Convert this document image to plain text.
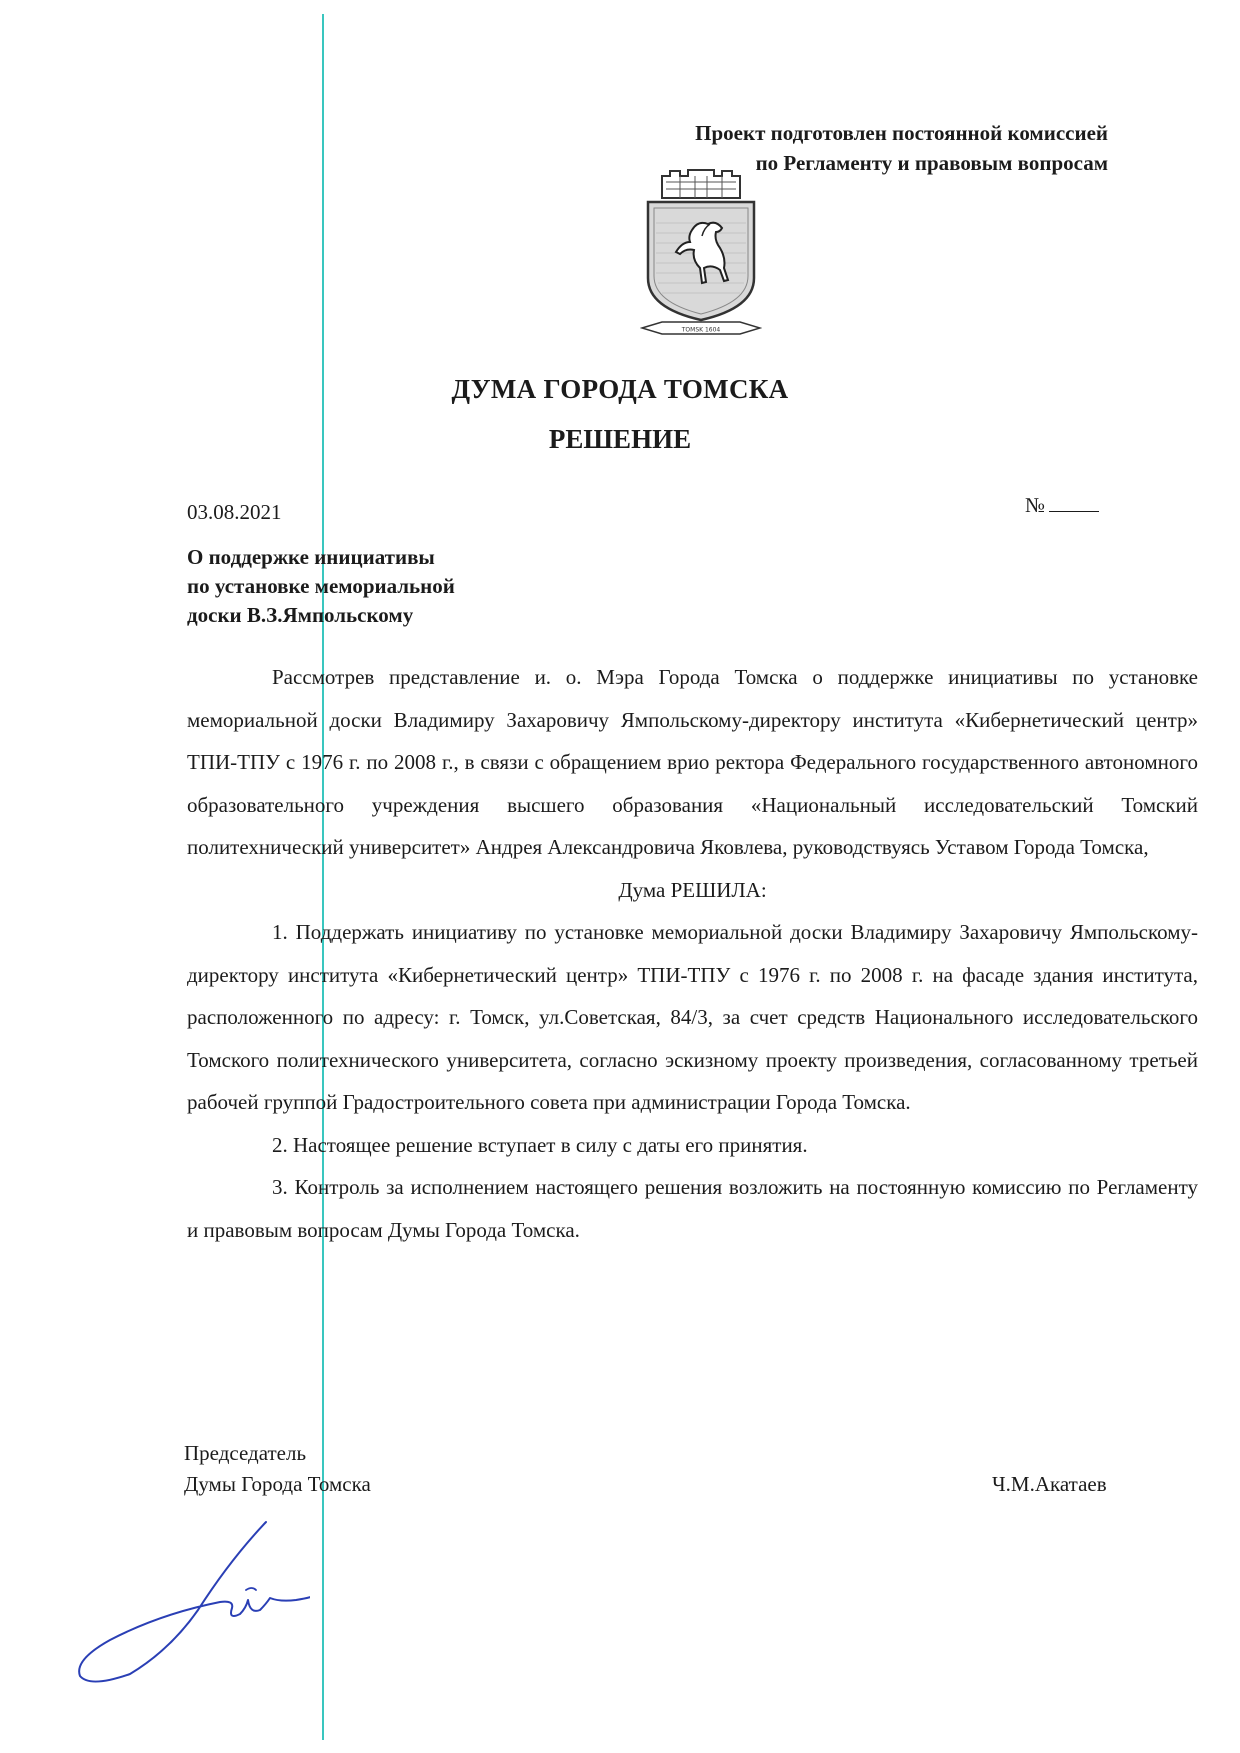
Проект подготовлен постоянной комиссией
по Регламенту и правовым вопросам
TOMSK 1604
ДУМА ГОРОДА ТОМСКА
РЕШЕНИЕ
03.08.2021	№
О поддержке инициативы
по установке мемориальной
доски В.З.Ямпольскому

Рассмотрев представление и. о. Мэра Города Томска о поддержке инициативы по установке мемориальной доски Владимиру Захаровичу Ямпольскому-директору института «Кибернетический центр» ТПИ-ТПУ с 1976 г. по 2008 г., в связи с обращением врио ректора Федерального государственного автономного образовательного учреждения высшего образования «Национальный исследовательский Томский политехнический университет» Андрея Александровича Яковлева, руководствуясь Уставом Города Томска,

Дума РЕШИЛА:

1. Поддержать инициативу по установке мемориальной доски Владимиру Захаровичу Ямпольскому-директору института «Кибернетический центр» ТПИ-ТПУ с 1976 г. по 2008 г. на фасаде здания института, расположенного по адресу: г. Томск, ул.Советская, 84/3, за счет средств Национального исследовательского Томского политехнического университета, согласно эскизному проекту произведения, согласованному третьей рабочей группой Градостроительного совета при администрации Города Томска.

2. Настоящее решение вступает в силу с даты его принятия.

3. Контроль за исполнением настоящего решения возложить на постоянную комиссию по Регламенту и правовым вопросам Думы Города Томска.

Председатель
Думы Города Томска	Ч.М.Акатаев
